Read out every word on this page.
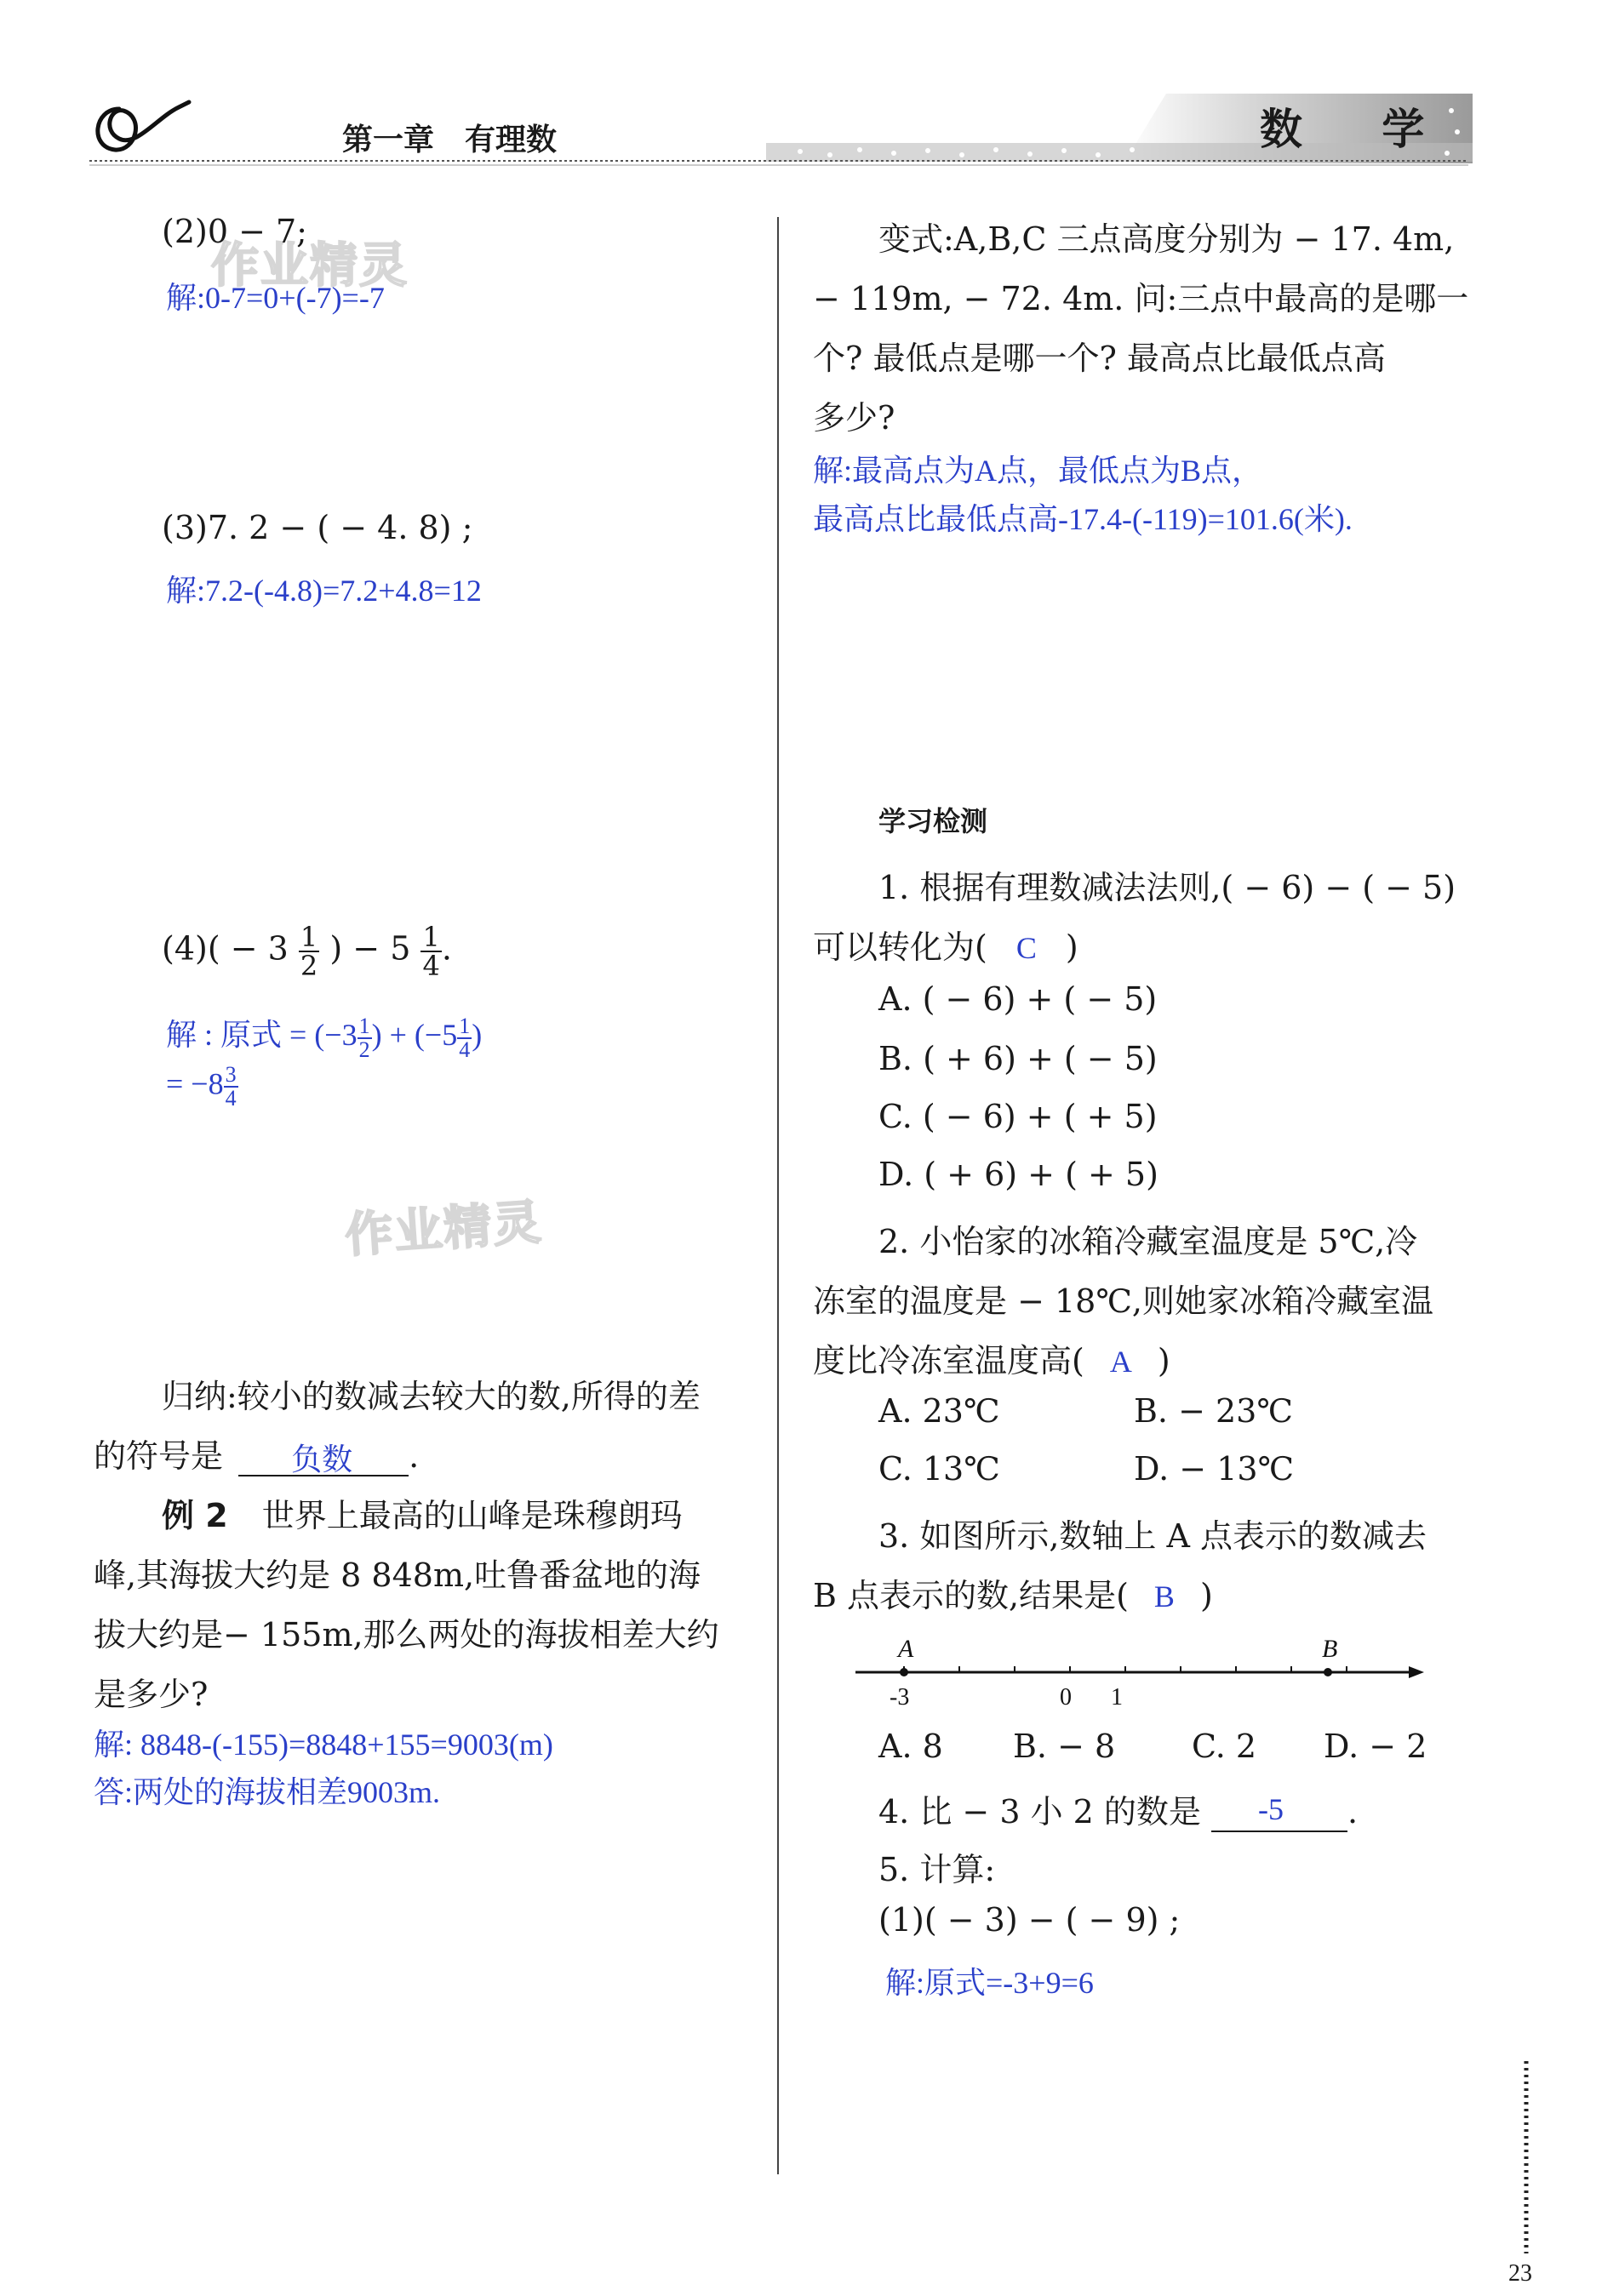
第一章　有理数	数 学
作业精灵
作业精灵
(2)0 − 7;
解:0-7=0+(-7)=-7
(3)7. 2 − ( − 4. 8) ;
解:7.2-(-4.8)=7.2+4.8=12
$(4)( - 3 \frac{1}{2}$ ) − $5 \frac{1}{4}$ .
解 : 原式 = ($-3 \frac{1}{2}$ ) + ($-5 \frac{1}{4}$ )
= $-8 \frac{3}{4}$
归纳:较小的数减去较大的数,所得的差
的符号是 负数 .
例 2 世界上最高的山峰是珠穆朗玛
峰,其海拔大约是 8 848m,吐鲁番盆地的海
拔大约是− 155m,那么两处的海拔相差大约
是多少?
解: 8848-(-155)=8848+155=9003(m)
答:两处的海拔相差9003m.
变式:A,B,C 三点高度分别为 − 17. 4m,
− 119m, − 72. 4m. 问:三点中最高的是哪一
个? 最低点是哪一个? 最高点比最低点高
多少?
解:最高点为A点，最低点为B点，
最高点比最低点高-17.4-(-119)=101.6(米).
学习检测
1. 根据有理数减法法则,( − 6) − ( − 5)
可以转化为( C )
A. ( − 6) + ( − 5)
B. ( + 6) + ( − 5)
C. ( − 6) + ( + 5)
D. ( + 6) + ( + 5)
2. 小怡家的冰箱冷藏室温度是 5℃,冷
冻室的温度是 − 18℃,则她家冰箱冷藏室温
度比冷冻室温度高( A )
A. 23℃	B. − 23℃
C. 13℃	D. − 13℃
3. 如图所示,数轴上 A 点表示的数减去
B 点表示的数,结果是( B )
A	B
-3	0 1
A. 8 B. − 8 C. 2 D. − 2
4. 比 − 3 小 2 的数是 -5 .
5. 计算:
(1)( − 3) − ( − 9) ;
解:原式=-3+9=6
23
